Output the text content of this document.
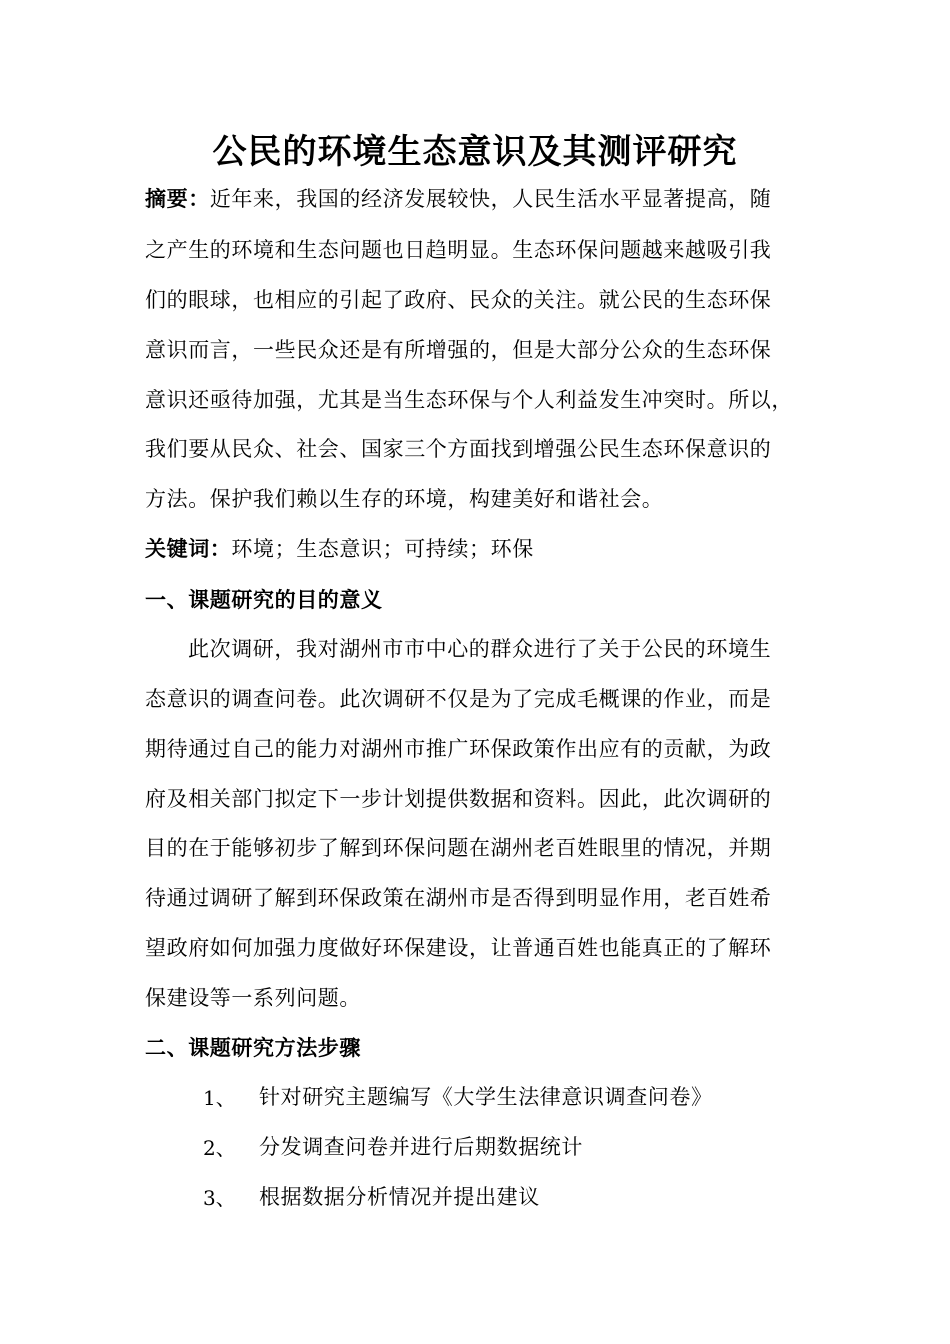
公民的环境生态意识及其测评研究
摘要：近年来，我国的经济发展较快，人民生活水平显著提高，随
之产生的环境和生态问题也日趋明显。生态环保问题越来越吸引我
们的眼球，也相应的引起了政府、民众的关注。就公民的生态环保
意识而言，一些民众还是有所增强的，但是大部分公众的生态环保
意识还亟待加强，尤其是当生态环保与个人利益发生冲突时。所以，
我们要从民众、社会、国家三个方面找到增强公民生态环保意识的
方法。保护我们赖以生存的环境，构建美好和谐社会。
关键词：环境；生态意识；可持续；环保
一、课题研究的目的意义
此次调研，我对湖州市市中心的群众进行了关于公民的环境生
态意识的调查问卷。此次调研不仅是为了完成毛概课的作业，而是
期待通过自己的能力对湖州市推广环保政策作出应有的贡献，为政
府及相关部门拟定下一步计划提供数据和资料。因此，此次调研的
目的在于能够初步了解到环保问题在湖州老百姓眼里的情况，并期
待通过调研了解到环保政策在湖州市是否得到明显作用，老百姓希
望政府如何加强力度做好环保建设，让普通百姓也能真正的了解环
保建设等一系列问题。
二、课题研究方法步骤
1、 针对研究主题编写《大学生法律意识调查问卷》
2、 分发调查问卷并进行后期数据统计
3、 根据数据分析情况并提出建议
